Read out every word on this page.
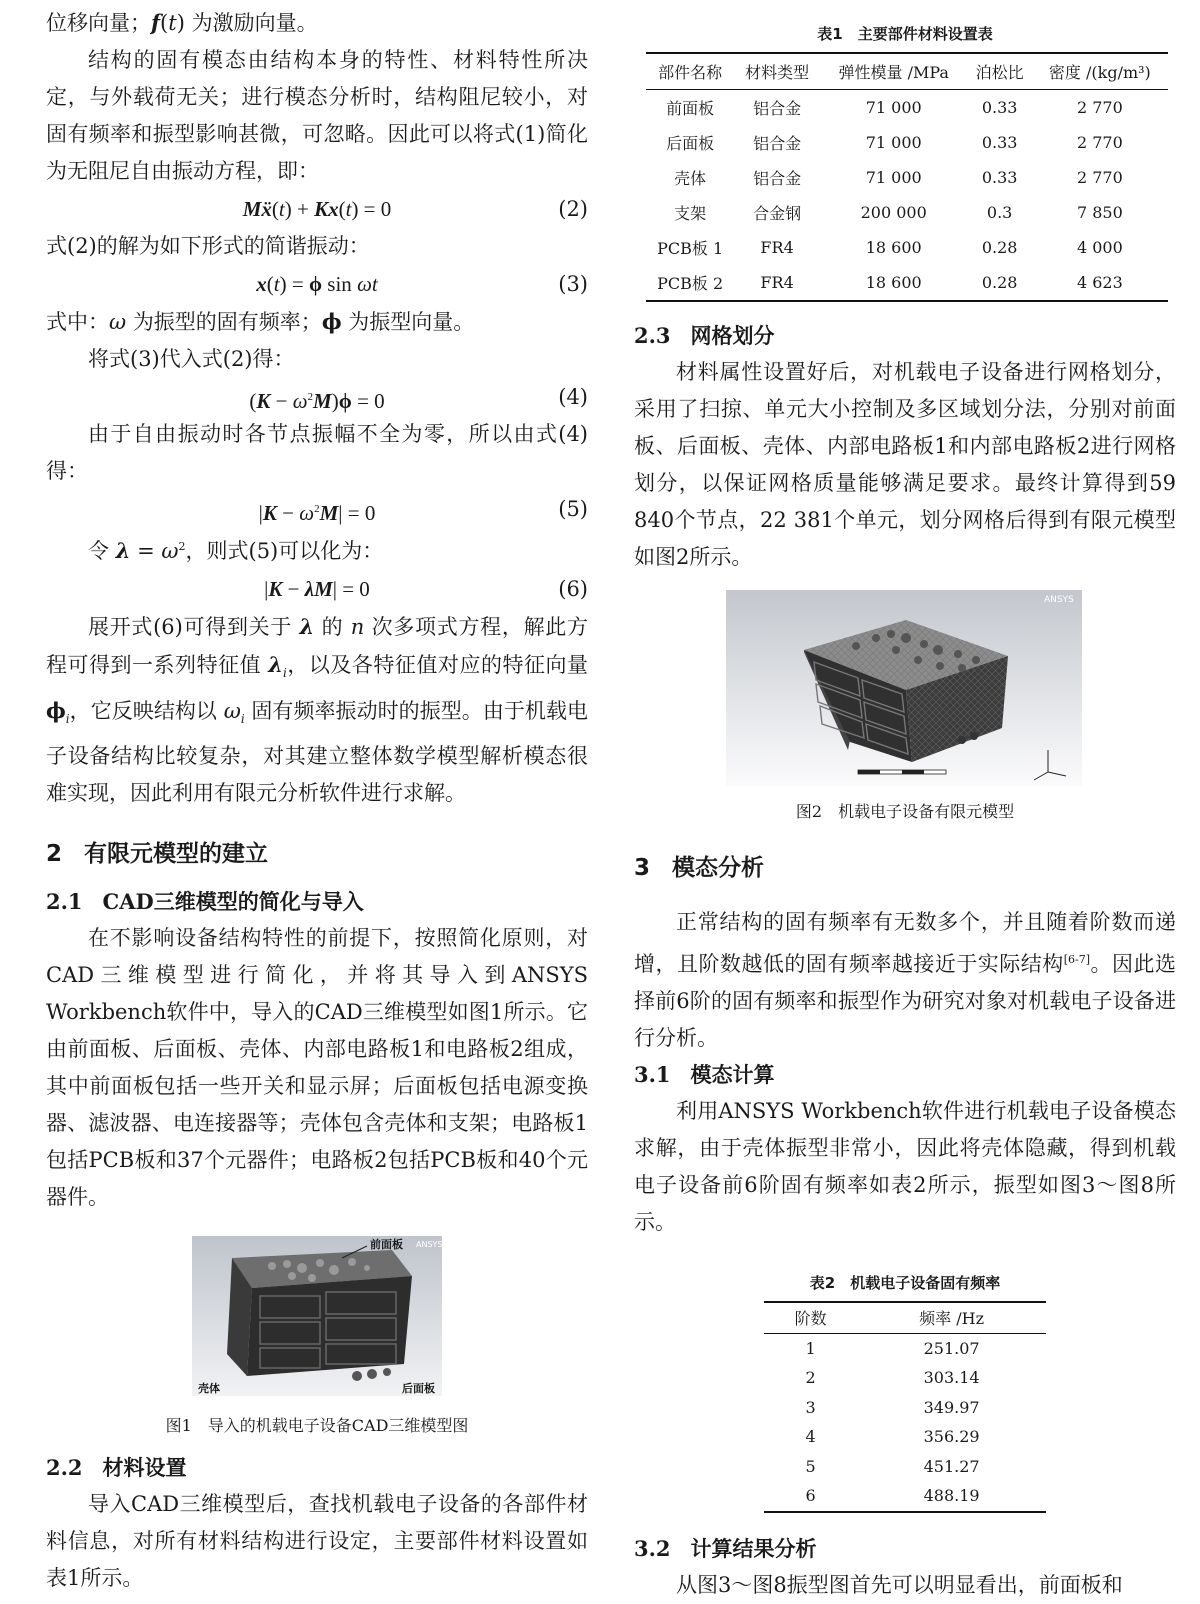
位移向量；f(t) 为激励向量。

结构的固有模态由结构本身的特性、材料特性所决定，与外载荷无关；进行模态分析时，结构阻尼较小，对固有频率和振型影响甚微，可忽略。因此可以将式(1)简化为无阻尼自由振动方程，即：

Mẍ(t) + Kx(t) = 0	(2)

式(2)的解为如下形式的简谐振动：

x(t) = ϕ sin ωt	(3)

式中：ω 为振型的固有频率；ϕ 为振型向量。

将式(3)代入式(2)得：

$(K - \omega^2M)\phi = 0$	(4)

由于自由振动时各节点振幅不全为零，所以由式(4)得：

$|K - \omega^2M| = 0$	(5)

令 $\lambda = \omega^2$，则式(5)可以化为：

|K − λM| = 0	(6)

展开式(6)可得到关于 λ 的 n 次多项式方程，解此方程可得到一系列特征值 $\lambda_i$，以及各特征值对应的特征向量 $\phi_i$，它反映结构以 $\omega_i$ 固有频率振动时的振型。由于机载电子设备结构比较复杂，对其建立整体数学模型解析模态很难实现，因此利用有限元分析软件进行求解。

2 有限元模型的建立
2.1 CAD三维模型的简化与导入

在不影响设备结构特性的前提下，按照简化原则，对CAD三维模型进行简化，并将其导入到ANSYS Workbench软件中，导入的CAD三维模型如图1所示。它由前面板、后面板、壳体、内部电路板1和电路板2组成，其中前面板包括一些开关和显示屏；后面板包括电源变换器、滤波器、电连接器等；壳体包含壳体和支架；电路板1包括PCB板和37个元器件；电路板2包括PCB板和40个元器件。

前面板 ANSYS
壳体	后面板
图1　导入的机载电子设备CAD三维模型图
2.2 材料设置

导入CAD三维模型后，查找机载电子设备的各部件材料信息，对所有材料结构进行设定，主要部件材料设置如表1所示。

表1　主要部件材料设置表
部件名称	材料类型	弹性模量 /MPa	泊松比	密度 /(kg/m³)
前面板	铝合金	71 000	0.33	2 770
后面板	铝合金	71 000	0.33	2 770
壳体	铝合金	71 000	0.33	2 770
支架	合金钢	200 000	0.3	7 850
PCB板 1	FR4	18 600	0.28	4 000
PCB板 2	FR4	18 600	0.28	4 623
2.3 网格划分

材料属性设置好后，对机载电子设备进行网格划分，采用了扫掠、单元大小控制及多区域划分法，分别对前面板、后面板、壳体、内部电路板1和内部电路板2进行网格划分，以保证网格质量能够满足要求。最终计算得到59 840个节点，22 381个单元，划分网格后得到有限元模型如图2所示。

ANSYS
图2　机载电子设备有限元模型
3 模态分析

正常结构的固有频率有无数多个，并且随着阶数而递增，且阶数越低的固有频率越接近于实际结构[6-7]。因此选择前6阶的固有频率和振型作为研究对象对机载电子设备进行分析。

3.1 模态计算

利用ANSYS Workbench软件进行机载电子设备模态求解，由于壳体振型非常小，因此将壳体隐藏，得到机载电子设备前6阶固有频率如表2所示，振型如图3～图8所示。

表2　机载电子设备固有频率
阶数	频率 /Hz
1	251.07
2	303.14
3	349.97
4	356.29
5	451.27
6	488.19
3.2 计算结果分析

从图3～图8振型图首先可以明显看出，前面板和
